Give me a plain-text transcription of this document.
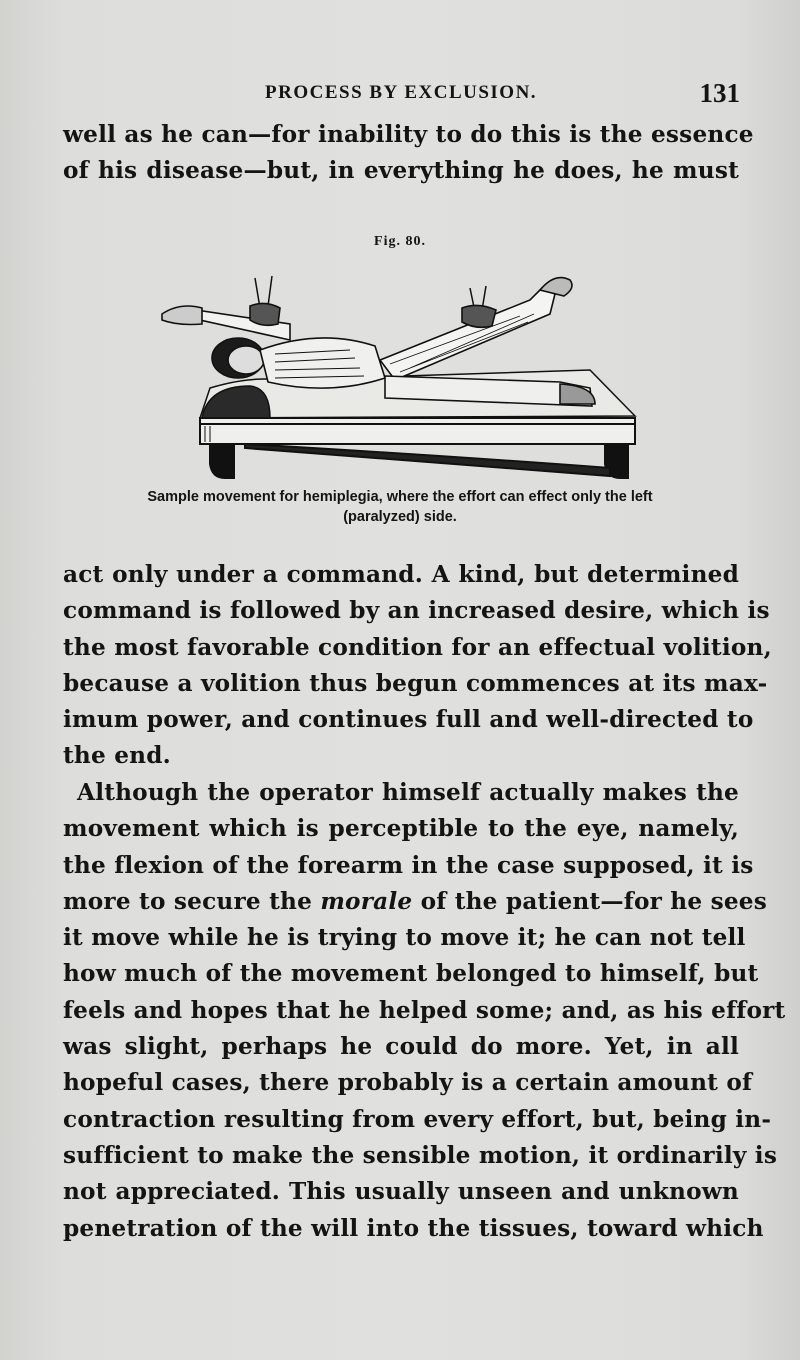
PROCESS BY EXCLUSION.	131
well as he can—for inability to do this is the essence
of his disease—but, in everything he does, he must
Fig. 80.
Sample movement for hemiplegia, where the effort can effect only the left
(paralyzed) side.
act only under a command. A kind, but determined
command is followed by an increased desire, which is
the most favorable condition for an effectual volition,
because a volition thus begun commences at its max-
imum power, and continues full and well-directed to
the end.
Although the operator himself actually makes the
movement which is perceptible to the eye, namely,
the flexion of the forearm in the case supposed, it is
more to secure the morale of the patient—for he sees
it move while he is trying to move it; he can not tell
how much of the movement belonged to himself, but
feels and hopes that he helped some; and, as his effort
was slight, perhaps he could do more. Yet, in all
hopeful cases, there probably is a certain amount of
contraction resulting from every effort, but, being in-
sufficient to make the sensible motion, it ordinarily is
not appreciated. This usually unseen and unknown
penetration of the will into the tissues, toward which
